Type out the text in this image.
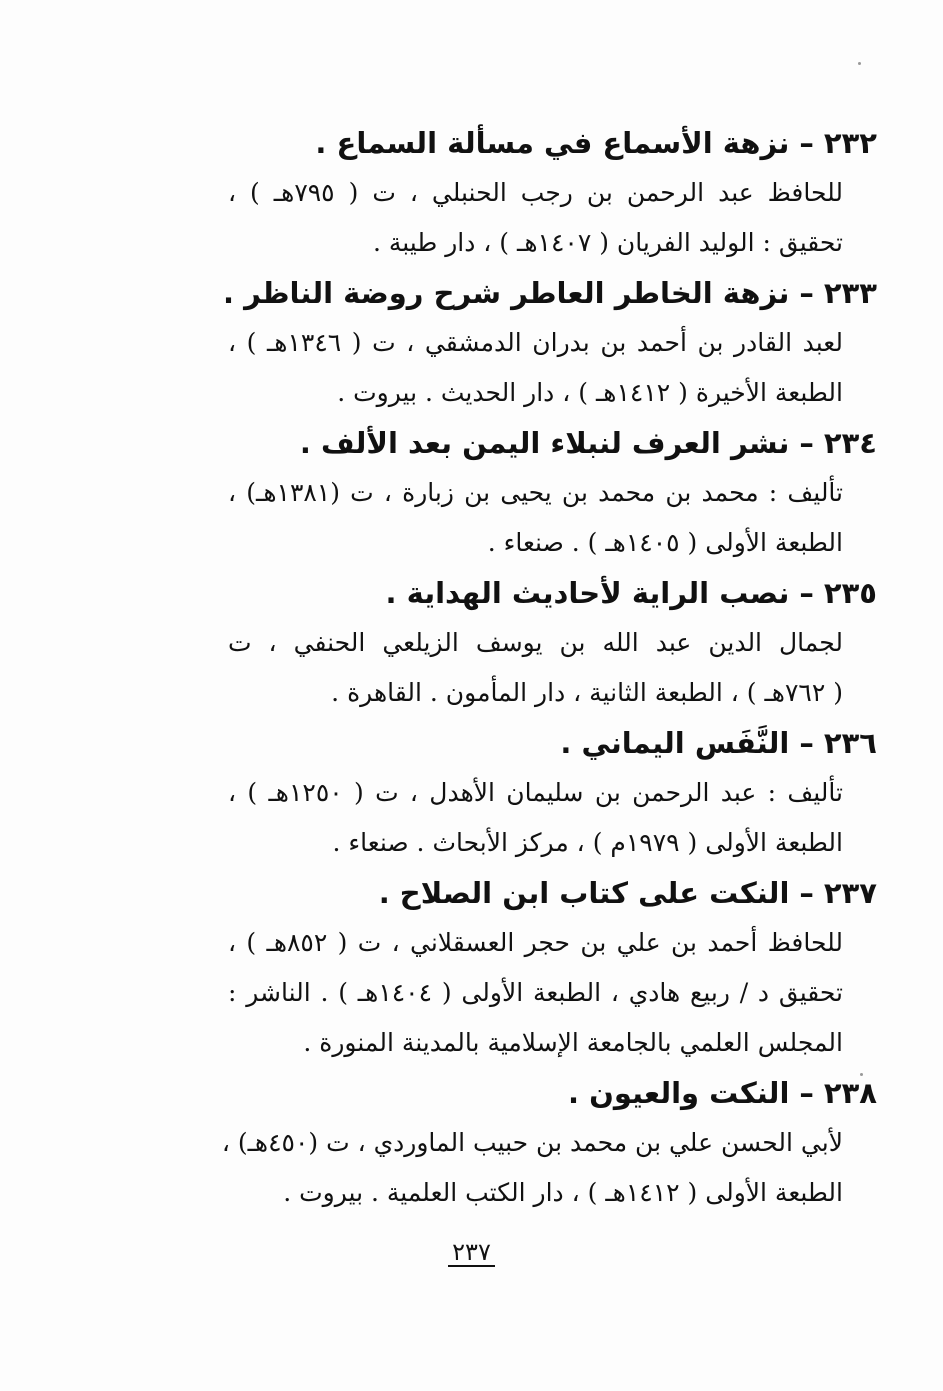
٢٣٢–نزهة الأسماع في مسألة السماع .
للحافظ عبد الرحمن بن رجب الحنبلي ، ت ( ٧٩٥هـ ) ،
تحقيق : الوليد الفريان ( ١٤٠٧هـ ) ، دار طيبة .
٢٣٣–نزهة الخاطر العاطر شرح روضة الناظر .
لعبد القادر بن أحمد بن بدران الدمشقي ، ت ( ١٣٤٦هـ ) ،
الطبعة الأخيرة ( ١٤١٢هـ ) ، دار الحديث . بيروت .
٢٣٤–نشر العرف لنبلاء اليمن بعد الألف .
تأليف : محمد بن محمد بن يحيى بن زبارة ، ت (١٣٨١هـ) ،
الطبعة الأولى ( ١٤٠٥هـ ) . صنعاء .
٢٣٥–نصب الراية لأحاديث الهداية .
لجمال الدين عبد الله بن يوسف الزيلعي الحنفي ، ت
( ٧٦٢هـ ) ، الطبعة الثانية ، دار المأمون . القاهرة .
٢٣٦–النَّفَس اليماني .
تأليف : عبد الرحمن بن سليمان الأهدل ، ت ( ١٢٥٠هـ ) ،
الطبعة الأولى ( ١٩٧٩م ) ، مركز الأبحاث . صنعاء .
٢٣٧–النكت على كتاب ابن الصلاح .
للحافظ أحمد بن علي بن حجر العسقلاني ، ت ( ٨٥٢هـ ) ،
تحقيق د / ربيع هادي ، الطبعة الأولى ( ١٤٠٤هـ ) . الناشر :
المجلس العلمي بالجامعة الإسلامية بالمدينة المنورة .
٢٣٨–النكت والعيون .
لأبي الحسن علي بن محمد بن حبيب الماوردي ، ت (٤٥٠هـ) ،
الطبعة الأولى ( ١٤١٢هـ ) ، دار الكتب العلمية . بيروت .
٢٣٧
